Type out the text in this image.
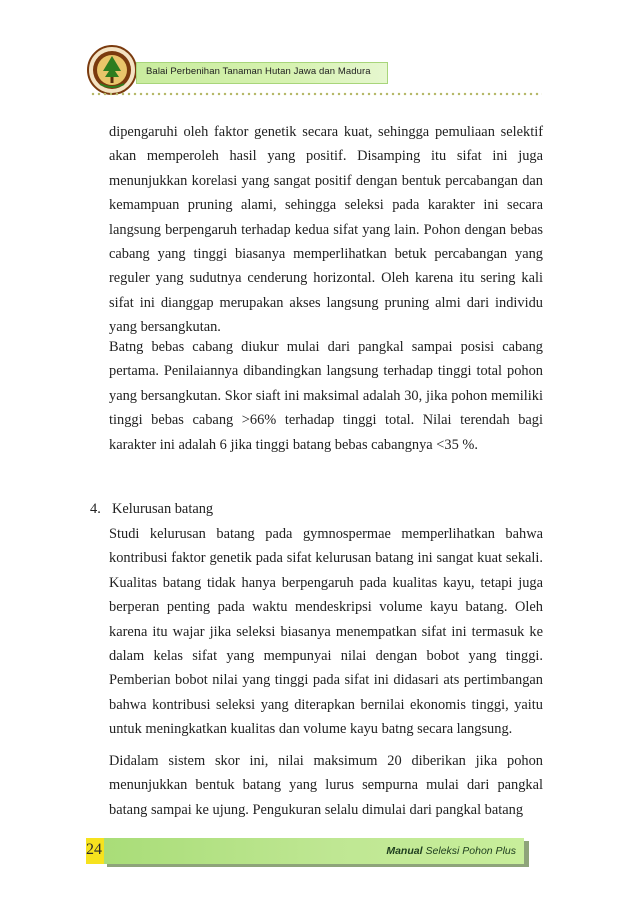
Balai Perbenihan Tanaman Hutan Jawa dan Madura
dipengaruhi oleh faktor genetik secara kuat, sehingga pemuliaan selektif akan memperoleh hasil yang positif. Disamping itu sifat ini juga menunjukkan korelasi yang sangat positif dengan bentuk percabangan dan kemampuan pruning alami, sehingga seleksi pada karakter ini secara langsung berpengaruh terhadap kedua sifat yang lain. Pohon dengan bebas cabang yang tinggi biasanya memperlihatkan betuk percabangan yang reguler yang sudutnya cenderung horizontal. Oleh karena itu sering kali sifat ini dianggap merupakan akses langsung pruning almi dari individu yang bersangkutan.
Batng bebas cabang diukur mulai dari pangkal sampai posisi cabang pertama. Penilaiannya dibandingkan langsung terhadap tinggi total pohon yang bersangkutan. Skor siaft ini maksimal adalah 30, jika pohon memiliki tinggi bebas cabang >66% terhadap tinggi total. Nilai terendah bagi karakter ini adalah 6 jika tinggi batang bebas cabangnya <35 %.
4. Kelurusan batang
Studi kelurusan batang pada gymnospermae memperlihatkan bahwa kontribusi faktor genetik pada sifat kelurusan batang ini sangat kuat sekali. Kualitas batang tidak hanya berpengaruh pada kualitas kayu, tetapi juga berperan penting pada waktu mendeskripsi volume kayu batang. Oleh karena itu wajar jika seleksi biasanya menempatkan sifat ini termasuk ke dalam kelas sifat yang mempunyai nilai dengan bobot yang tinggi. Pemberian bobot nilai yang tinggi pada sifat ini didasari ats pertimbangan bahwa kontribusi seleksi yang diterapkan bernilai ekonomis tinggi, yaitu untuk meningkatkan kualitas dan volume kayu batng secara langsung.
Didalam sistem skor ini, nilai maksimum 20 diberikan jika pohon menunjukkan bentuk batang yang lurus sempurna mulai dari pangkal batang sampai ke ujung. Pengukuran selalu dimulai dari pangkal batang
24	Manual Seleksi Pohon Plus
